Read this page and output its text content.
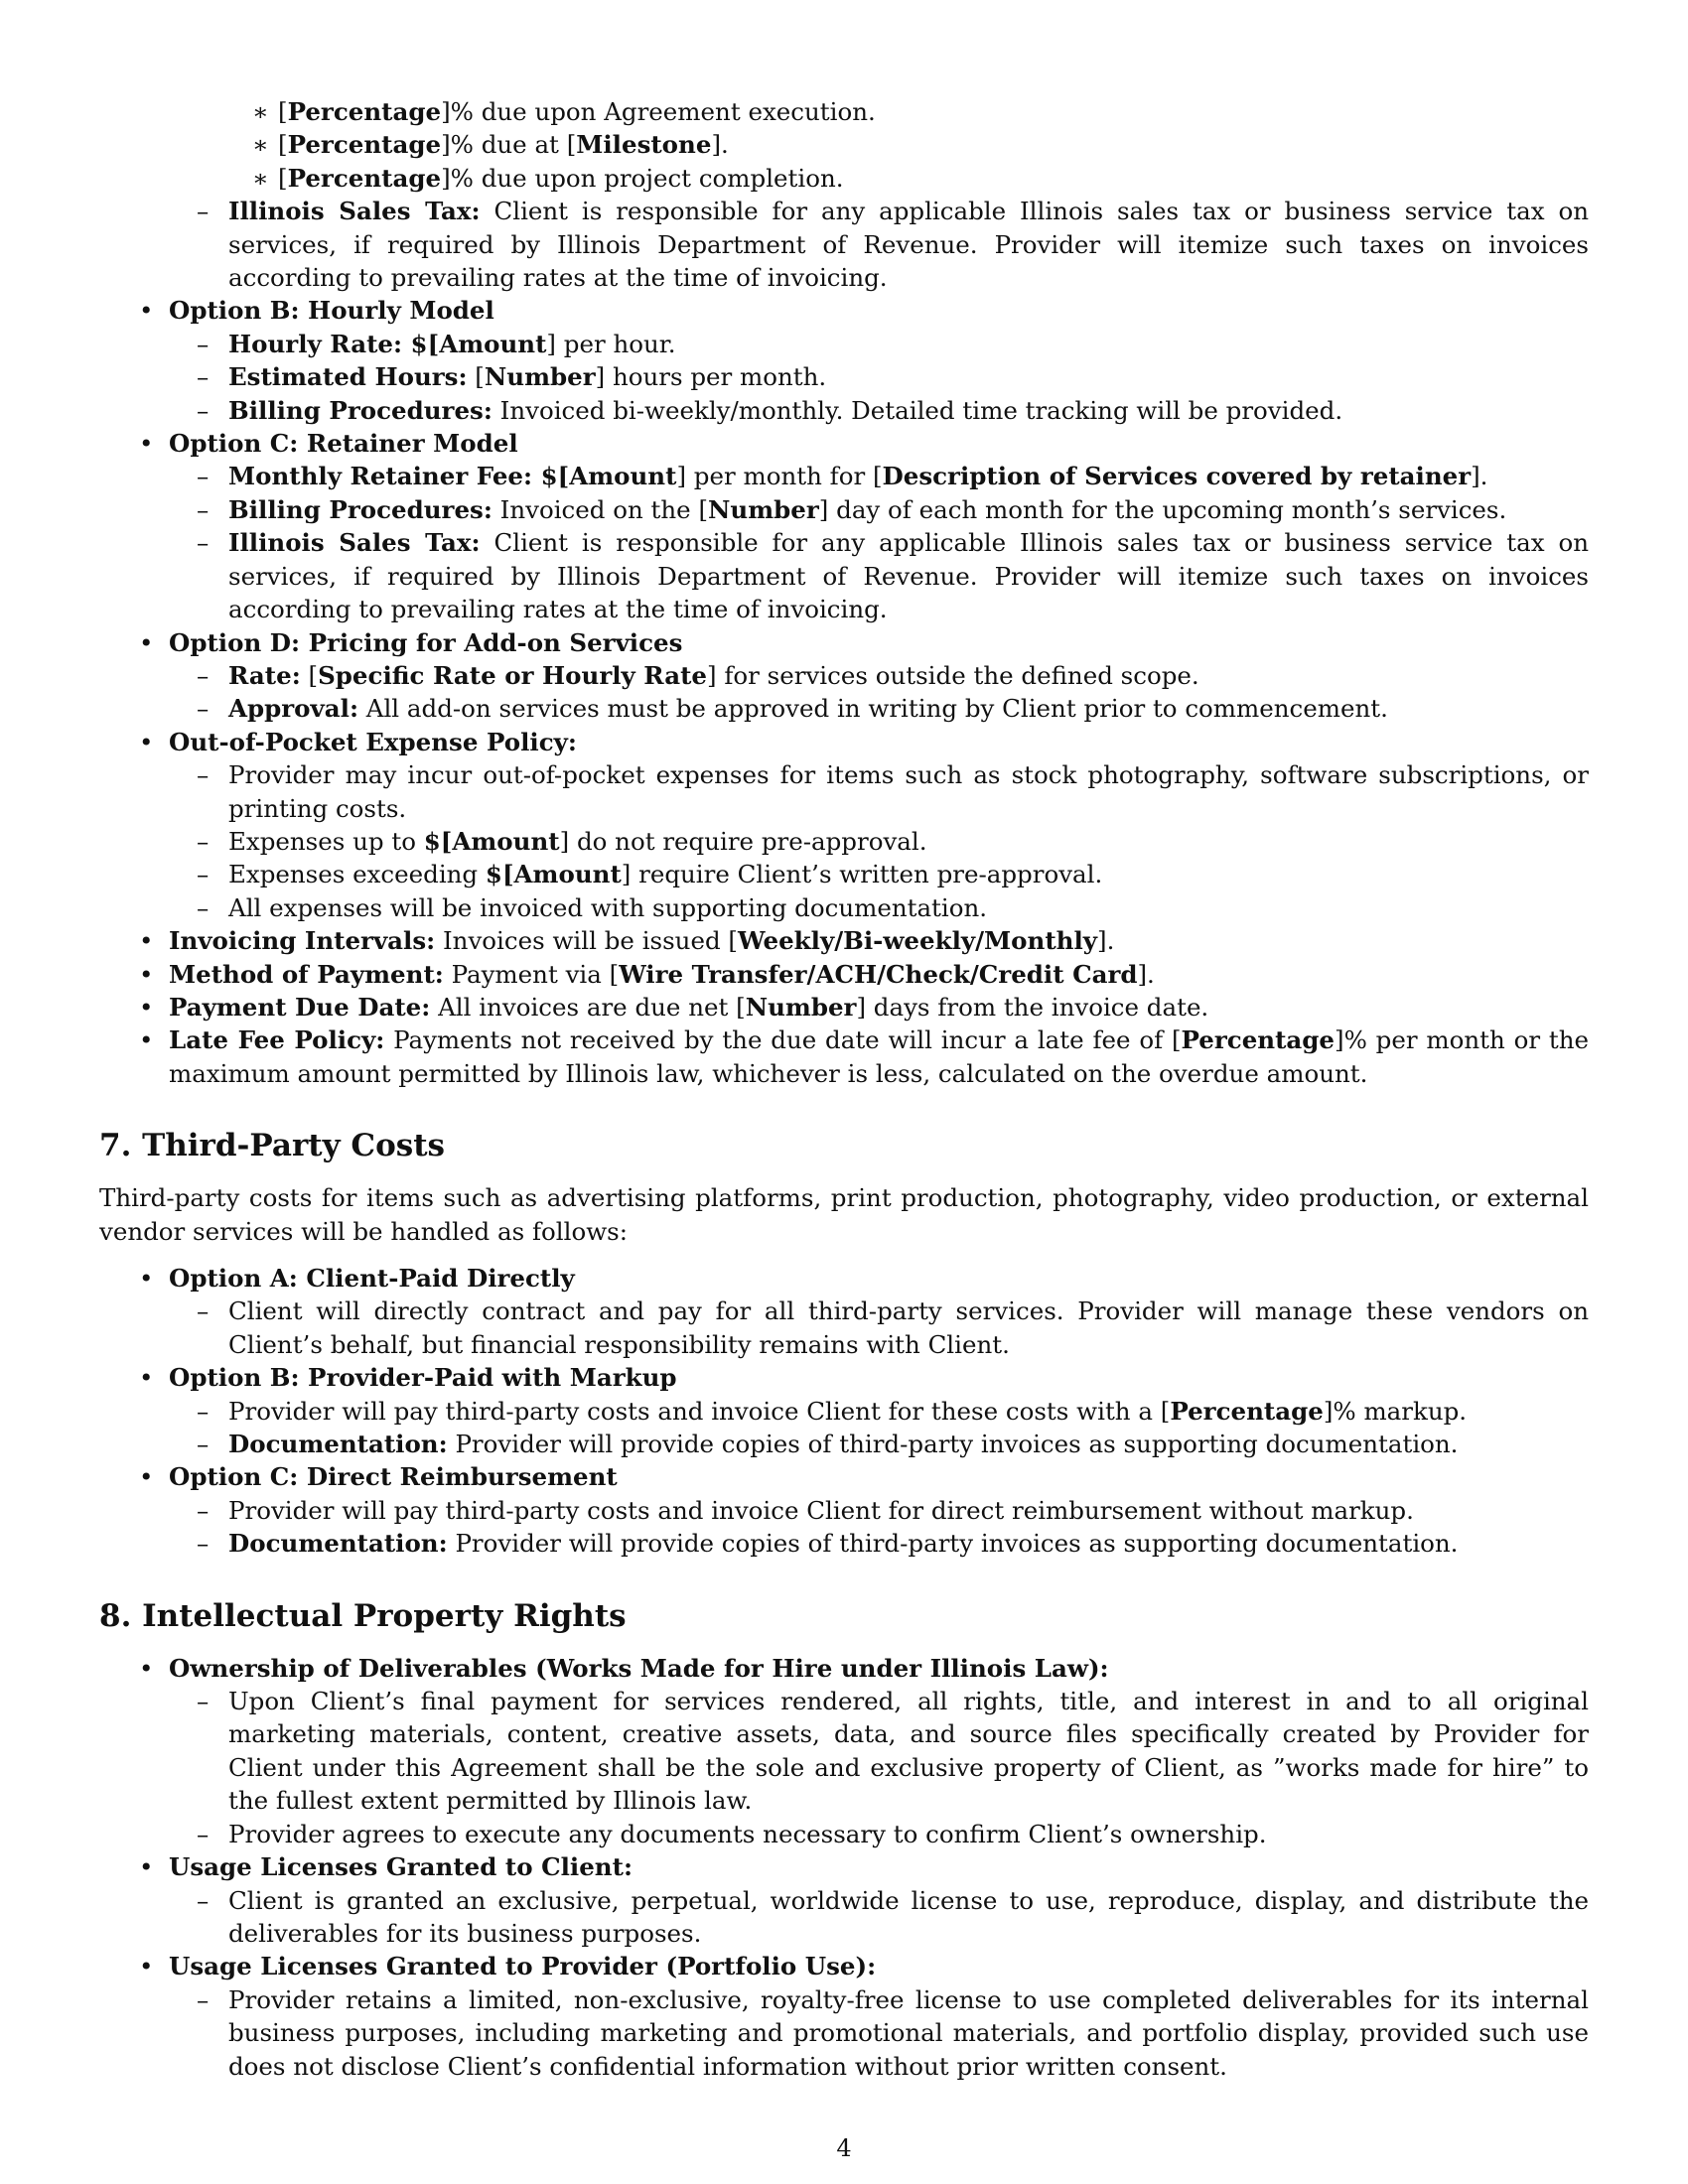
∗ [Percentage]% due upon Agreement execution.
∗ [Percentage]% due at [Milestone].
∗ [Percentage]% due upon project completion.
– Illinois Sales Tax: Client is responsible for any applicable Illinois sales tax or business service tax on services, if required by Illinois Department of Revenue. Provider will itemize such taxes on invoices according to prevailing rates at the time of invoicing.
• Option B: Hourly Model
– Hourly Rate: $[Amount] per hour.
– Estimated Hours: [Number] hours per month.
– Billing Procedures: Invoiced bi-weekly/monthly. Detailed time tracking will be provided.
• Option C: Retainer Model
– Monthly Retainer Fee: $[Amount] per month for [Description of Services covered by retainer].
– Billing Procedures: Invoiced on the [Number] day of each month for the upcoming month’s services.
– Illinois Sales Tax: Client is responsible for any applicable Illinois sales tax or business service tax on services, if required by Illinois Department of Revenue. Provider will itemize such taxes on invoices according to prevailing rates at the time of invoicing.
• Option D: Pricing for Add-on Services
– Rate: [Specific Rate or Hourly Rate] for services outside the defined scope.
– Approval: All add-on services must be approved in writing by Client prior to commencement.
• Out-of-Pocket Expense Policy:
– Provider may incur out-of-pocket expenses for items such as stock photography, software subscriptions, or printing costs.
– Expenses up to $[Amount] do not require pre-approval.
– Expenses exceeding $[Amount] require Client’s written pre-approval.
– All expenses will be invoiced with supporting documentation.
• Invoicing Intervals: Invoices will be issued [Weekly/Bi-weekly/Monthly].
• Method of Payment: Payment via [Wire Transfer/ACH/Check/Credit Card].
• Payment Due Date: All invoices are due net [Number] days from the invoice date.
• Late Fee Policy: Payments not received by the due date will incur a late fee of [Percentage]% per month or the maximum amount permitted by Illinois law, whichever is less, calculated on the overdue amount.
7. Third-Party Costs
Third-party costs for items such as advertising platforms, print production, photography, video production, or external vendor services will be handled as follows:
• Option A: Client-Paid Directly
– Client will directly contract and pay for all third-party services. Provider will manage these vendors on Client’s behalf, but financial responsibility remains with Client.
• Option B: Provider-Paid with Markup
– Provider will pay third-party costs and invoice Client for these costs with a [Percentage]% markup.
– Documentation: Provider will provide copies of third-party invoices as supporting documentation.
• Option C: Direct Reimbursement
– Provider will pay third-party costs and invoice Client for direct reimbursement without markup.
– Documentation: Provider will provide copies of third-party invoices as supporting documentation.
8. Intellectual Property Rights
• Ownership of Deliverables (Works Made for Hire under Illinois Law):
– Upon Client’s final payment for services rendered, all rights, title, and interest in and to all original marketing materials, content, creative assets, data, and source files specifically created by Provider for Client under this Agreement shall be the sole and exclusive property of Client, as ”works made for hire” to the fullest extent permitted by Illinois law.
– Provider agrees to execute any documents necessary to confirm Client’s ownership.
• Usage Licenses Granted to Client:
– Client is granted an exclusive, perpetual, worldwide license to use, reproduce, display, and distribute the deliverables for its business purposes.
• Usage Licenses Granted to Provider (Portfolio Use):
– Provider retains a limited, non-exclusive, royalty-free license to use completed deliverables for its internal business purposes, including marketing and promotional materials, and portfolio display, provided such use does not disclose Client’s confidential information without prior written consent.
4
